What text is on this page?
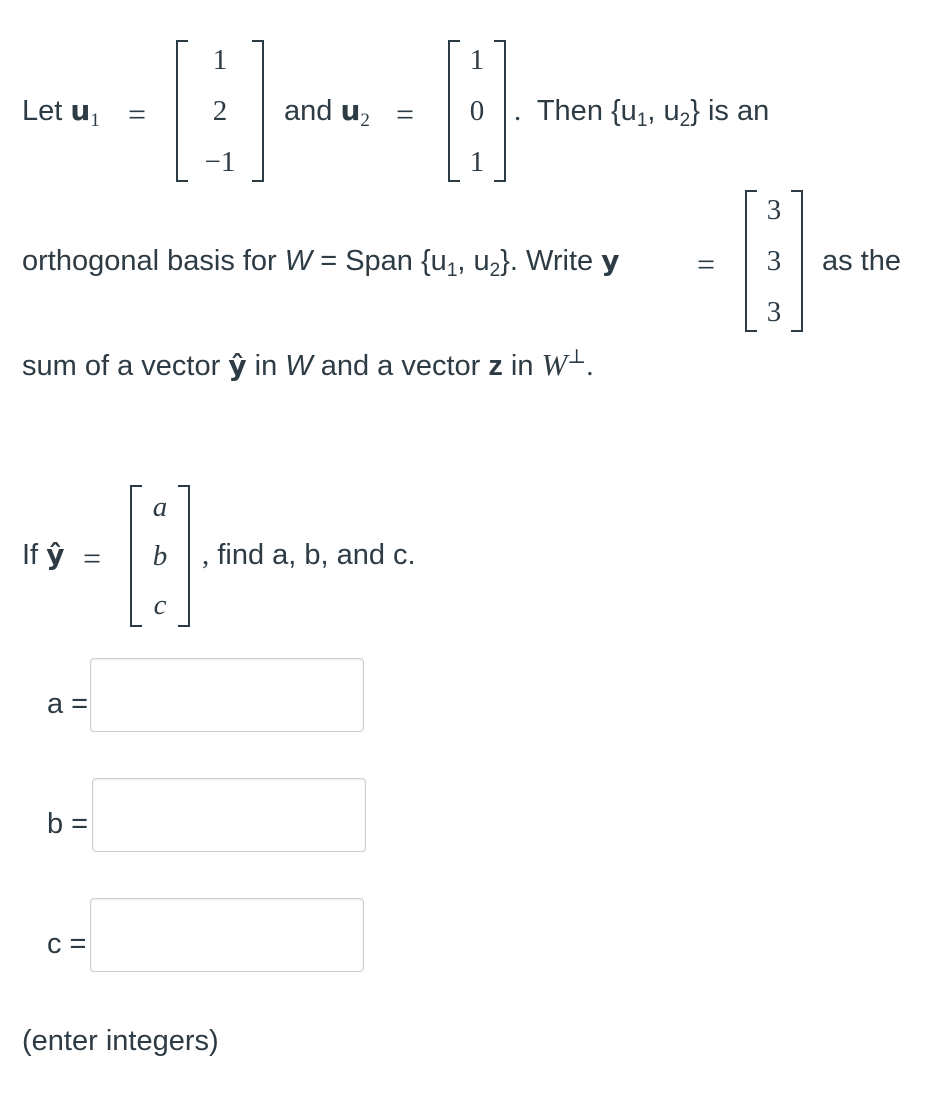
Let $u_1$ =
1
2
−1
and $u_2$ =
1
0
1
. Then {$u_1$, $u_2$} is an
orthogonal basis for W = Span {$u_1$, $u_2$}. Write y =
3
3
3
as the
sum of a vector ŷ in W and a vector z in W⊥.
If ŷ =
a
b
c
, find a, b, and c.
a =
b =
c =
(enter integers)
